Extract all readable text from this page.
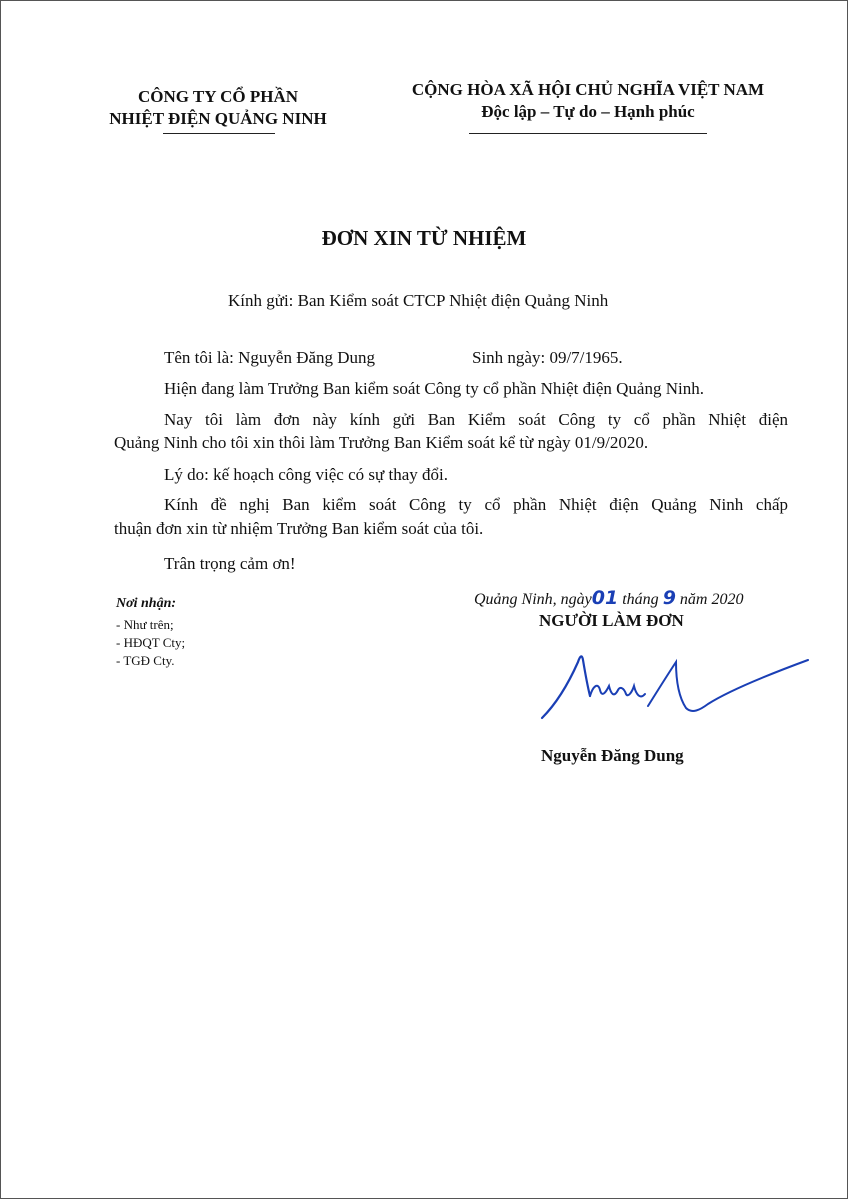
CÔNG TY CỔ PHẦN
NHIỆT ĐIỆN QUẢNG NINH
CỘNG HÒA XÃ HỘI CHỦ NGHĨA VIỆT NAM
Độc lập – Tự do – Hạnh phúc
ĐƠN XIN TỪ NHIỆM
Kính gửi: Ban Kiểm soát CTCP Nhiệt điện Quảng Ninh
Tên tôi là: Nguyễn Đăng Dung	Sinh ngày: 09/7/1965.
Hiện đang làm Trưởng Ban kiểm soát Công ty cổ phần Nhiệt điện Quảng Ninh.
Nay tôi làm đơn này kính gửi Ban Kiểm soát Công ty cổ phần Nhiệt điện
Quảng Ninh cho tôi xin thôi làm Trưởng Ban Kiểm soát kể từ ngày 01/9/2020.
Lý do: kế hoạch công việc có sự thay đổi.
Kính đề nghị Ban kiểm soát Công ty cổ phần Nhiệt điện Quảng Ninh chấp
thuận đơn xin từ nhiệm Trưởng Ban kiểm soát của tôi.
Trân trọng cảm ơn!
Nơi nhận:
- Như trên;
- HĐQT Cty;
- TGĐ Cty.
Quảng Ninh, ngày01 tháng 9 năm 2020
NGƯỜI LÀM ĐƠN
Nguyễn Đăng Dung
